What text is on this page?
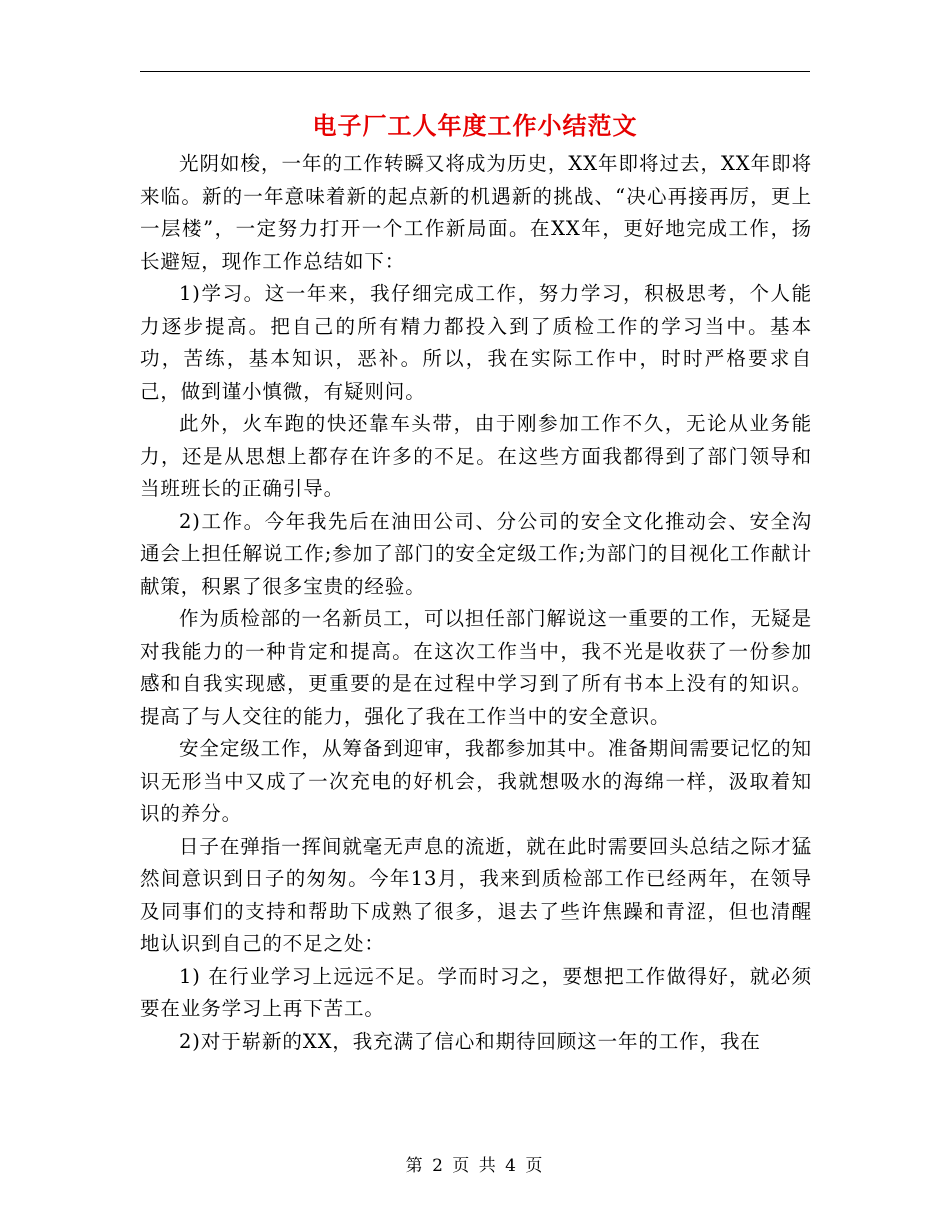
电子厂工人年度工作小结范文

光阴如梭，一年的工作转瞬又将成为历史，XX年即将过去，XX年即将来临。新的一年意味着新的起点新的机遇新的挑战、“决心再接再厉，更上一层楼”，一定努力打开一个工作新局面。在XX年，更好地完成工作，扬长避短，现作工作总结如下：

1)学习。这一年来，我仔细完成工作，努力学习，积极思考，个人能力逐步提高。把自己的所有精力都投入到了质检工作的学习当中。基本功，苦练，基本知识，恶补。所以，我在实际工作中，时时严格要求自己，做到谨小慎微，有疑则问。

此外，火车跑的快还靠车头带，由于刚参加工作不久，无论从业务能力，还是从思想上都存在许多的不足。在这些方面我都得到了部门领导和当班班长的正确引导。

2)工作。今年我先后在油田公司、分公司的安全文化推动会、安全沟通会上担任解说工作;参加了部门的安全定级工作;为部门的目视化工作献计献策，积累了很多宝贵的经验。

作为质检部的一名新员工，可以担任部门解说这一重要的工作，无疑是对我能力的一种肯定和提高。在这次工作当中，我不光是收获了一份参加感和自我实现感，更重要的是在过程中学习到了所有书本上没有的知识。提高了与人交往的能力，强化了我在工作当中的安全意识。

安全定级工作，从筹备到迎审，我都参加其中。准备期间需要记忆的知识无形当中又成了一次充电的好机会，我就想吸水的海绵一样，汲取着知识的养分。

日子在弹指一挥间就毫无声息的流逝，就在此时需要回头总结之际才猛然间意识到日子的匆匆。今年13月，我来到质检部工作已经两年，在领导及同事们的支持和帮助下成熟了很多，退去了些许焦躁和青涩，但也清醒地认识到自己的不足之处：

1) 在行业学习上远远不足。学而时习之，要想把工作做得好，就必须要在业务学习上再下苦工。

2)对于崭新的XX，我充满了信心和期待回顾这一年的工作，我在

第 2 页 共 4 页
